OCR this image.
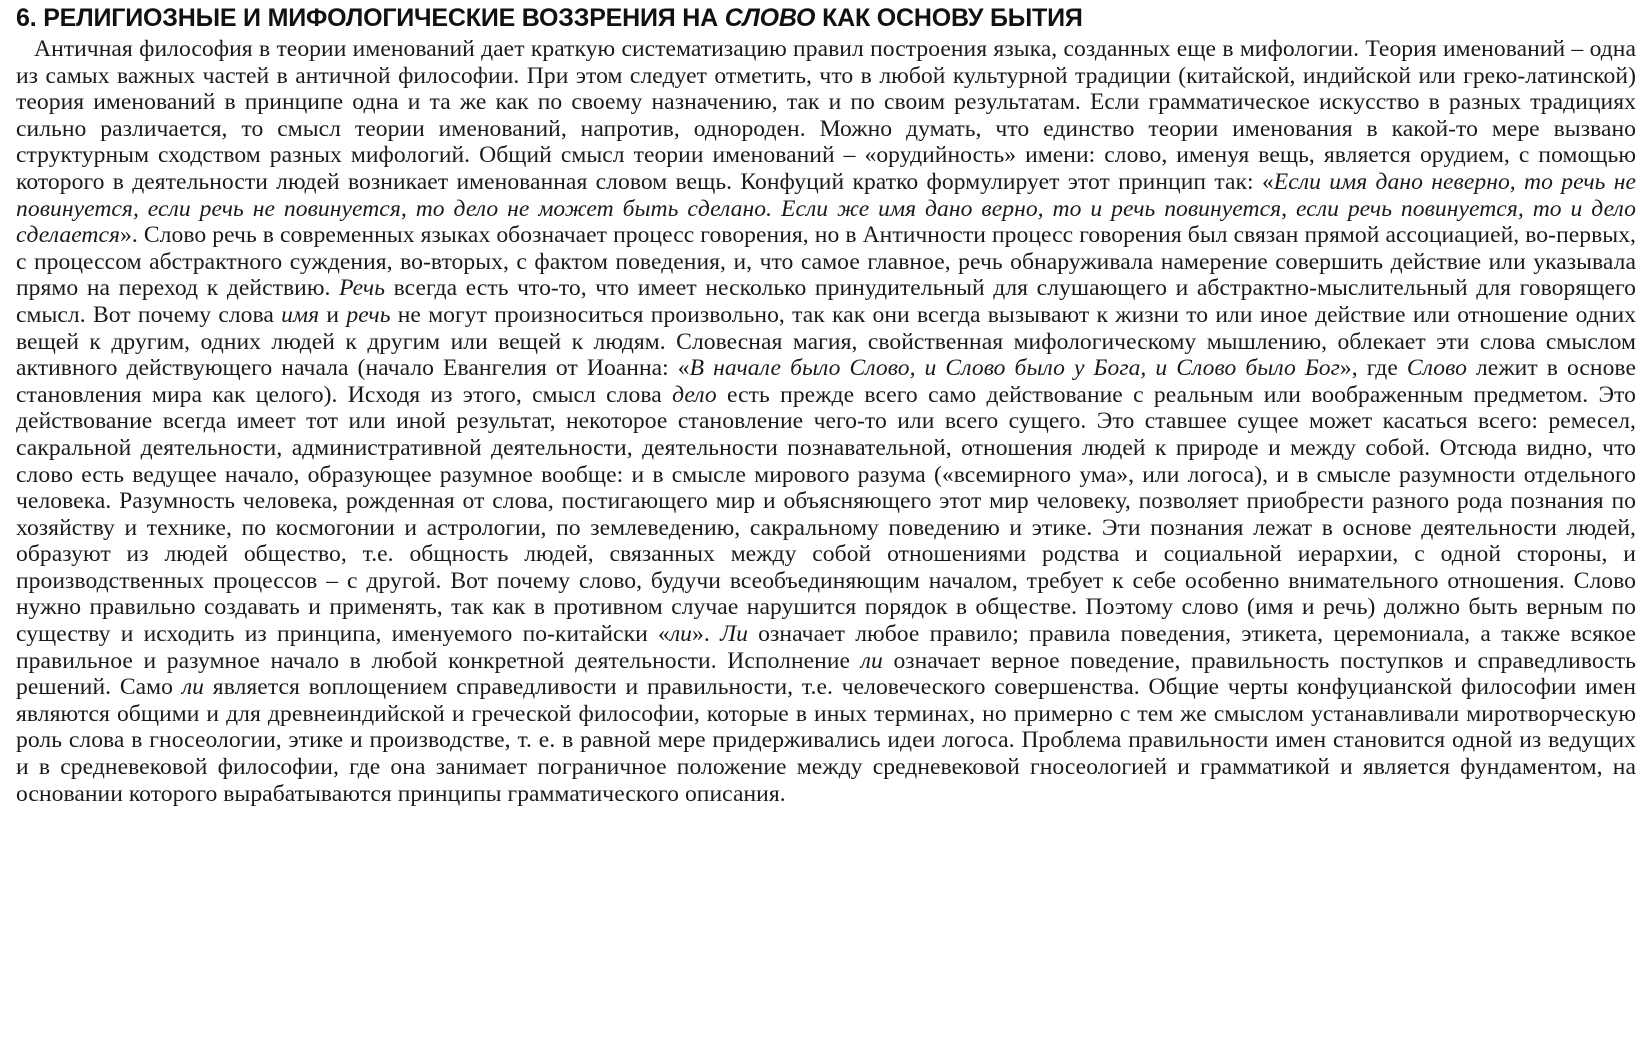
6. РЕЛИГИОЗНЫЕ И МИФОЛОГИЧЕСКИЕ ВОЗЗРЕНИЯ НА СЛОВО КАК ОСНОВУ БЫТИЯ

Античная философия в теории именований дает краткую систематизацию правил построения языка, созданных еще в мифологии. Теория именований – одна из самых важных частей в античной философии. При этом следует отметить, что в любой культурной традиции (китайской, индийской или греко-латинской) теория именований в принципе одна и та же как по своему назначению, так и по своим результатам. Если грамматическое искусство в разных традициях сильно различается, то смысл теории именований, напротив, однороден. Можно думать, что единство теории именования в какой-то мере вызвано структурным сходством разных мифологий. Общий смысл теории именований – «орудийность» имени: слово, именуя вещь, является орудием, с помощью которого в деятельности людей возникает именованная словом вещь. Конфуций кратко формулирует этот принцип так: «Если имя дано неверно, то речь не повинуется, если речь не повинуется, то дело не может быть сделано. Если же имя дано верно, то и речь повинуется, если речь повинуется, то и дело сделается». Слово речь в современных языках обозначает процесс говорения, но в Античности процесс говорения был связан прямой ассоциацией, во-первых, с процессом абстрактного суждения, во-вторых, с фактом поведения, и, что самое главное, речь обнаруживала намерение совершить действие или указывала прямо на переход к действию. Речь всегда есть что-то, что имеет несколько принудительный для слушающего и абстрактно-мыслительный для говорящего смысл. Вот почему слова имя и речь не могут произноситься произвольно, так как они всегда вызывают к жизни то или иное действие или отношение одних вещей к другим, одних людей к другим или вещей к людям. Словесная магия, свойственная мифологическому мышлению, облекает эти слова смыслом активного действующего начала (начало Евангелия от Иоанна: «В начале было Слово, и Слово было у Бога, и Слово было Бог», где Слово лежит в основе становления мира как целого). Исходя из этого, смысл слова дело есть прежде всего само действование с реальным или воображенным предметом. Это действование всегда имеет тот или иной результат, некоторое становление чего-то или всего сущего. Это ставшее сущее может касаться всего: ремесел, сакральной деятельности, административной деятельности, деятельности познавательной, отношения людей к природе и между собой. Отсюда видно, что слово есть ведущее начало, образующее разумное вообще: и в смысле мирового разума («всемирного ума», или логоса), и в смысле разумности отдельного человека. Разумность человека, рожденная от слова, постигающего мир и объясняющего этот мир человеку, позволяет приобрести разного рода познания по хозяйству и технике, по космогонии и астрологии, по землеведению, сакральному поведению и этике. Эти познания лежат в основе деятельности людей, образуют из людей общество, т.е. общность людей, связанных между собой отношениями родства и социальной иерархии, с одной стороны, и производственных процессов – с другой. Вот почему слово, будучи всеобъединяющим началом, требует к себе особенно внимательного отношения. Слово нужно правильно создавать и применять, так как в противном случае нарушится порядок в обществе. Поэтому слово (имя и речь) должно быть верным по существу и исходить из принципа, именуемого по-китайски «ли». Ли означает любое правило; правила поведения, этикета, церемониала, а также всякое правильное и разумное начало в любой конкретной деятельности. Исполнение ли означает верное поведение, правильность поступков и справедливость решений. Само ли является воплощением справедливости и правильности, т.е. человеческого совершенства. Общие черты конфуцианской философии имен являются общими и для древнеиндийской и греческой философии, которые в иных терминах, но примерно с тем же смыслом устанавливали миротворческую роль слова в гносеологии, этике и производстве, т. е. в равной мере придерживались идеи логоса. Проблема правильности имен становится одной из ведущих и в средневековой философии, где она занимает пограничное положение между средневековой гносеологией и грамматикой и является фундаментом, на основании которого вырабатываются принципы грамматического описания.
